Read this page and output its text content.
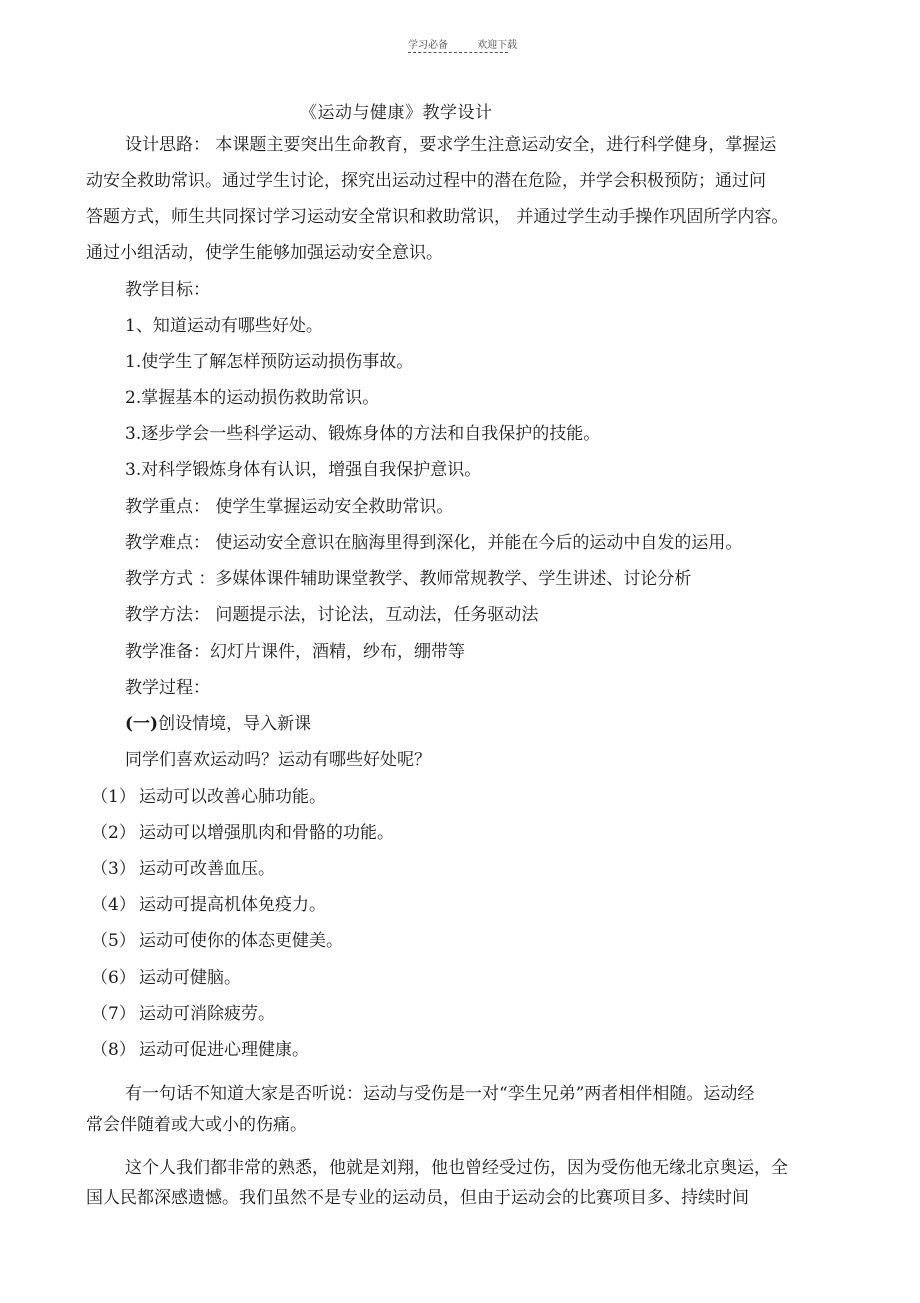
学习必备	欢迎下载
《运动与健康》教学设计
设计思路： 本课题主要突出生命教育，要求学生注意运动安全，进行科学健身，掌握运
动安全救助常识。通过学生讨论，探究出运动过程中的潜在危险，并学会积极预防；通过问
答题方式，师生共同探讨学习运动安全常识和救助常识， 并通过学生动手操作巩固所学内容。
通过小组活动，使学生能够加强运动安全意识。
教学目标：
1、知道运动有哪些好处。
1.使学生了解怎样预防运动损伤事故。
2.掌握基本的运动损伤救助常识。
3.逐步学会一些科学运动、锻炼身体的方法和自我保护的技能。
3.对科学锻炼身体有认识，增强自我保护意识。
教学重点： 使学生掌握运动安全救助常识。
教学难点： 使运动安全意识在脑海里得到深化，并能在今后的运动中自发的运用。
教学方式 ：多媒体课件辅助课堂教学、教师常规教学、学生讲述、讨论分析
教学方法： 问题提示法，讨论法，互动法，任务驱动法
教学准备：幻灯片课件，酒精，纱布，绷带等
教学过程：
(一)创设情境，导入新课
同学们喜欢运动吗？运动有哪些好处呢？
（1） 运动可以改善心肺功能。
（2） 运动可以增强肌肉和骨骼的功能。
（3） 运动可改善血压。
（4） 运动可提高机体免疫力。
（5） 运动可使你的体态更健美。
（6） 运动可健脑。
（7） 运动可消除疲劳。
（8） 运动可促进心理健康。
有一句话不知道大家是否听说：运动与受伤是一对“孪生兄弟”两者相伴相随。运动经
常会伴随着或大或小的伤痛。
这个人我们都非常的熟悉，他就是刘翔，他也曾经受过伤，因为受伤他无缘北京奥运，全
国人民都深感遗憾。我们虽然不是专业的运动员，但由于运动会的比赛项目多、持续时间
